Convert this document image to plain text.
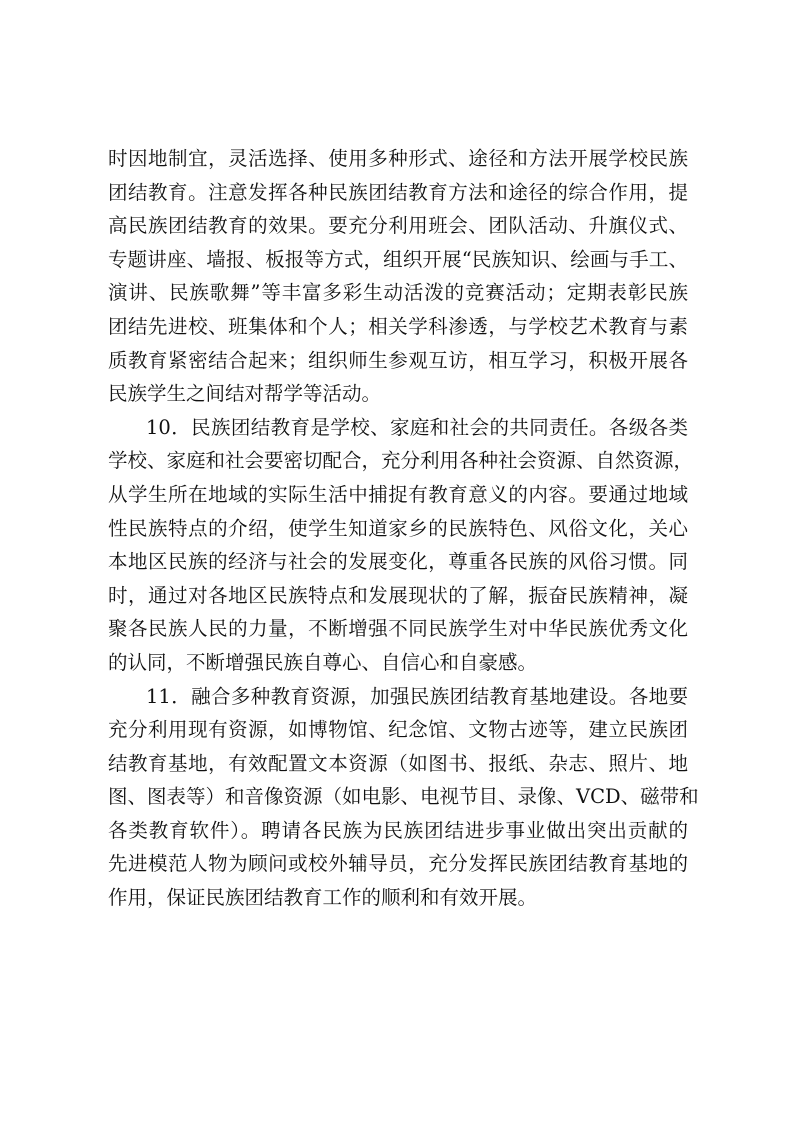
时因地制宜，灵活选择、使用多种形式、途径和方法开展学校民族
团结教育。注意发挥各种民族团结教育方法和途径的综合作用，提
高民族团结教育的效果。要充分利用班会、团队活动、升旗仪式、
专题讲座、墙报、板报等方式，组织开展“民族知识、绘画与手工、
演讲、民族歌舞”等丰富多彩生动活泼的竞赛活动；定期表彰民族
团结先进校、班集体和个人；相关学科渗透，与学校艺术教育与素
质教育紧密结合起来；组织师生参观互访，相互学习，积极开展各
民族学生之间结对帮学等活动。
10．民族团结教育是学校、家庭和社会的共同责任。各级各类
学校、家庭和社会要密切配合，充分利用各种社会资源、自然资源，
从学生所在地域的实际生活中捕捉有教育意义的内容。要通过地域
性民族特点的介绍，使学生知道家乡的民族特色、风俗文化，关心
本地区民族的经济与社会的发展变化，尊重各民族的风俗习惯。同
时，通过对各地区民族特点和发展现状的了解，振奋民族精神，凝
聚各民族人民的力量，不断增强不同民族学生对中华民族优秀文化
的认同，不断增强民族自尊心、自信心和自豪感。
11．融合多种教育资源，加强民族团结教育基地建设。各地要
充分利用现有资源，如博物馆、纪念馆、文物古迹等，建立民族团
结教育基地，有效配置文本资源（如图书、报纸、杂志、照片、地
图、图表等）和音像资源（如电影、电视节目、录像、VCD、磁带和
各类教育软件）。聘请各民族为民族团结进步事业做出突出贡献的
先进模范人物为顾问或校外辅导员，充分发挥民族团结教育基地的
作用，保证民族团结教育工作的顺利和有效开展。
